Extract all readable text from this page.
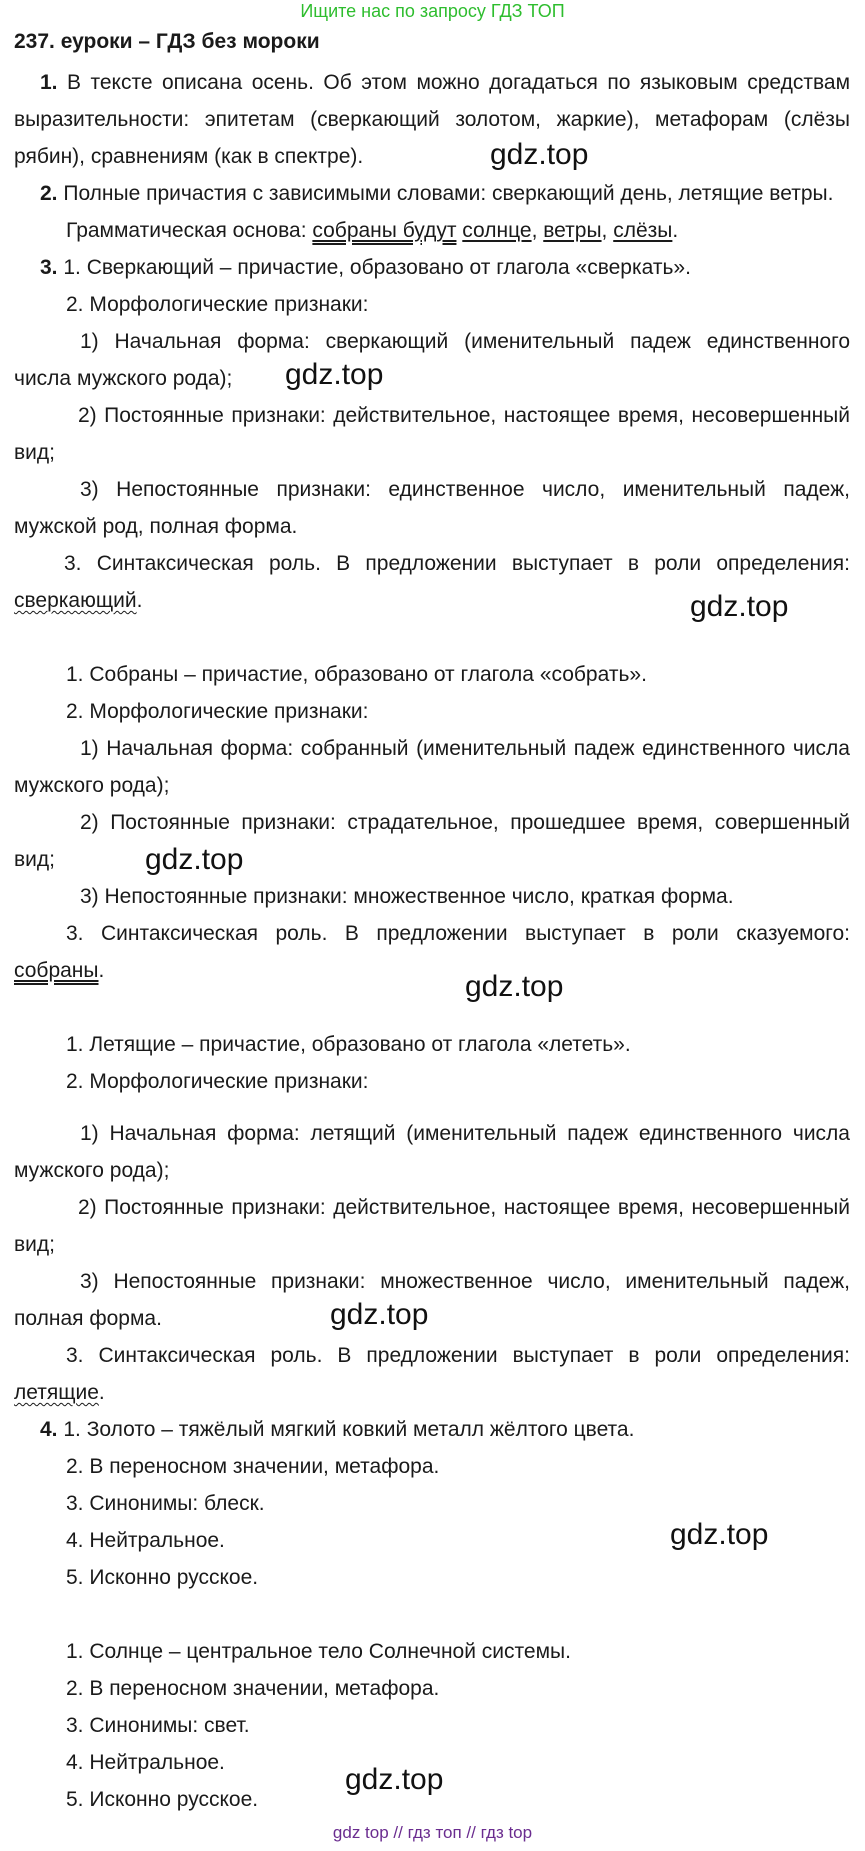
Ищите нас по запросу ГДЗ ТОП
237. еуроки – ГДЗ без мороки
1. В тексте описана осень. Об этом можно догадаться по языковым средствам
выразительности: эпитетам (сверкающий золотом, жаркие), метафорам (слёзы
рябин), сравнениям (как в спектре).
2. Полные причастия с зависимыми словами: сверкающий день, летящие ветры.
Грамматическая основа: собраны будут солнце, ветры, слёзы.
3. 1. Сверкающий – причастие, образовано от глагола «сверкать».
2. Морфологические признаки:
1) Начальная форма: сверкающий (именительный падеж единственного
числа мужского рода);
2) Постоянные признаки: действительное, настоящее время, несовершенный
вид;
3) Непостоянные признаки: единственное число, именительный падеж,
мужской род, полная форма.
3. Синтаксическая роль. В предложении выступает в роли определения:
сверкающий.
1. Собраны – причастие, образовано от глагола «собрать».
2. Морфологические признаки:
1) Начальная форма: собранный (именительный падеж единственного числа
мужского рода);
2) Постоянные признаки: страдательное, прошедшее время, совершенный
вид;
3) Непостоянные признаки: множественное число, краткая форма.
3. Синтаксическая роль. В предложении выступает в роли сказуемого:
собраны.
1. Летящие – причастие, образовано от глагола «лететь».
2. Морфологические признаки:
1) Начальная форма: летящий (именительный падеж единственного числа
мужского рода);
2) Постоянные признаки: действительное, настоящее время, несовершенный
вид;
3) Непостоянные признаки: множественное число, именительный падеж,
полная форма.
3. Синтаксическая роль. В предложении выступает в роли определения:
летящие.
4. 1. Золото – тяжёлый мягкий ковкий металл жёлтого цвета.
2. В переносном значении, метафора.
3. Синонимы: блеск.
4. Нейтральное.
5. Исконно русское.
1. Солнце – центральное тело Солнечной системы.
2. В переносном значении, метафора.
3. Синонимы: свет.
4. Нейтральное.
5. Исконно русское.
gdz.top
gdz.top
gdz.top
gdz.top
gdz.top
gdz.top
gdz.top
gdz.top
gdz top // гдз топ // гдз top
